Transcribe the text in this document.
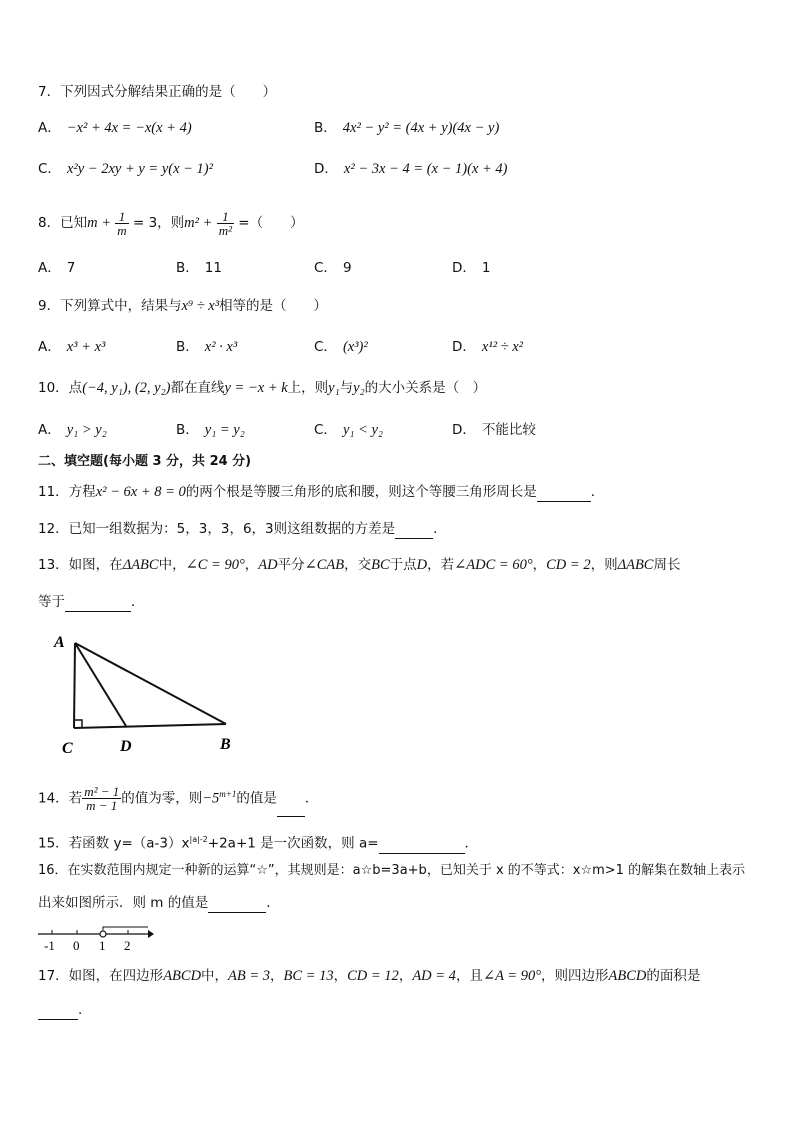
7．下列因式分解结果正确的是（　　）
A． −x² + 4x = −x(x + 4)	B． 4x² − y² = (4x + y)(4x − y)
C． x²y − 2xy + y = y(x − 1)²	D． x² − 3x − 4 = (x − 1)(x + 4)
8．已知$m + \frac{1}{m} = 3$，则$m^2 + \frac{1}{\text{m²}}$ =（　　）
A． 7	B． 11	C． 9	D． 1
9．下列算式中，结果与x⁹ ÷ x³相等的是（　　）
A． x³ + x³	B． x² · x³	C． (x³)²	D． x¹² ÷ x²
10．点(−4, y₁), (2, y₂)都在直线y = −x + k上，则y₁与y₂的大小关系是（　）
A． y₁ > y₂	B． y₁ = y₂	C． y₁ < y₂	D． 不能比较
二、填空题(每小题 3 分，共 24 分)
11．方程x² − 6x + 8 = 0的两个根是等腰三角形的底和腰，则这个等腰三角形周长是	．
12．已知一组数据为：5，3，3，6，3则这组数据的方差是	．
13．如图，在ΔABC中，∠C = 90°，AD平分∠CAB，交BC于点D，若∠ADC = 60°，CD = 2，则ΔABC周长
等于	．
A
C	D	B
14．若 $\frac{\text{m² − 1}}{m - 1}$ 的值为零，则$-5^{m+1}$的值是 ．
15．若函数 $y=(a-3)x^{|a|-2}+2a+1$ 是一次函数，则 a=	．
16．在实数范围内规定一种新的运算“☆”，其规则是：a☆b=3a+b，已知关于 x 的不等式：x☆m>1 的解集在数轴上表示
出来如图所示．则 m 的值是	．
-1 0 1 2
17．如图，在四边形ABCD中，AB = 3，BC = 13，CD = 12，AD = 4，且∠A = 90°，则四边形ABCD的面积是
.
